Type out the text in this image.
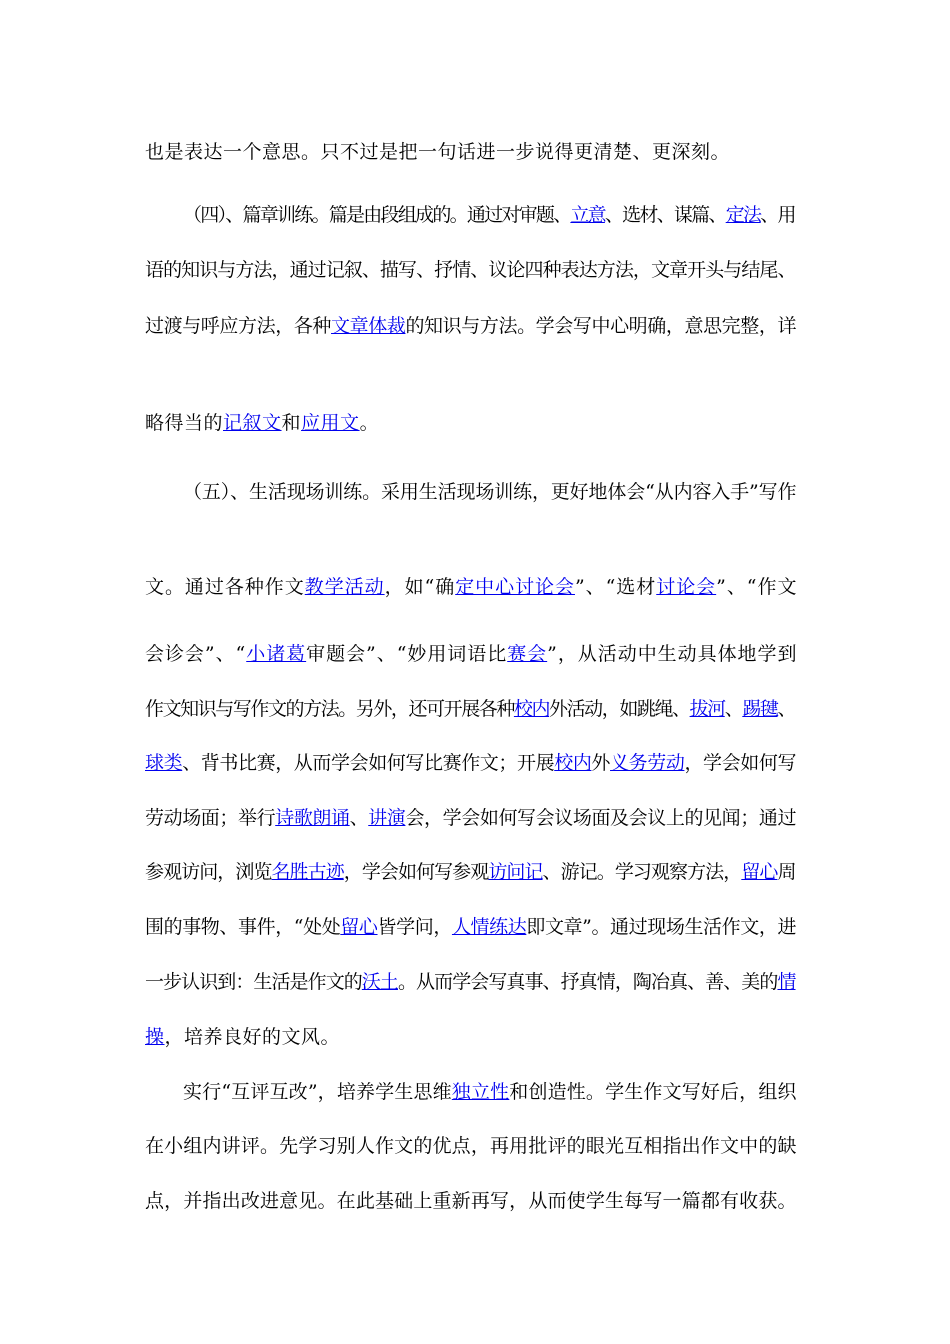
也是表达一个意思。只不过是把一句话进一步说得更清楚、更深刻。
（四）、篇章训练。篇是由段组成的。通过对审题、立意、选材、谋篇、定法、用
语的知识与方法，通过记叙、描写、抒情、议论四种表达方法，文章开头与结尾、
过渡与呼应方法，各种文章体裁的知识与方法。学会写中心明确，意思完整，详
略得当的记叙文和应用文。
（五）、生活现场训练。采用生活现场训练，更好地体会“从内容入手”写作
文。通过各种作文教学活动，如“确定中心讨论会”、“选材讨论会”、“作文
会诊会”、“小诸葛审题会”、“妙用词语比赛会”，从活动中生动具体地学到
作文知识与写作文的方法。另外，还可开展各种校内外活动，如跳绳、拔河、踢毽、
球类、背书比赛，从而学会如何写比赛作文；开展校内外义务劳动，学会如何写
劳动场面；举行诗歌朗诵、讲演会，学会如何写会议场面及会议上的见闻；通过
参观访问，浏览名胜古迹，学会如何写参观访问记、游记。学习观察方法，留心周
围的事物、事件，“处处留心皆学问，人情练达即文章”。通过现场生活作文，进
一步认识到：生活是作文的沃土。从而学会写真事、抒真情，陶冶真、善、美的情
操，培养良好的文风。
实行“互评互改”，培养学生思维独立性和创造性。学生作文写好后，组织
在小组内讲评。先学习别人作文的优点，再用批评的眼光互相指出作文中的缺
点，并指出改进意见。在此基础上重新再写，从而使学生每写一篇都有收获。
